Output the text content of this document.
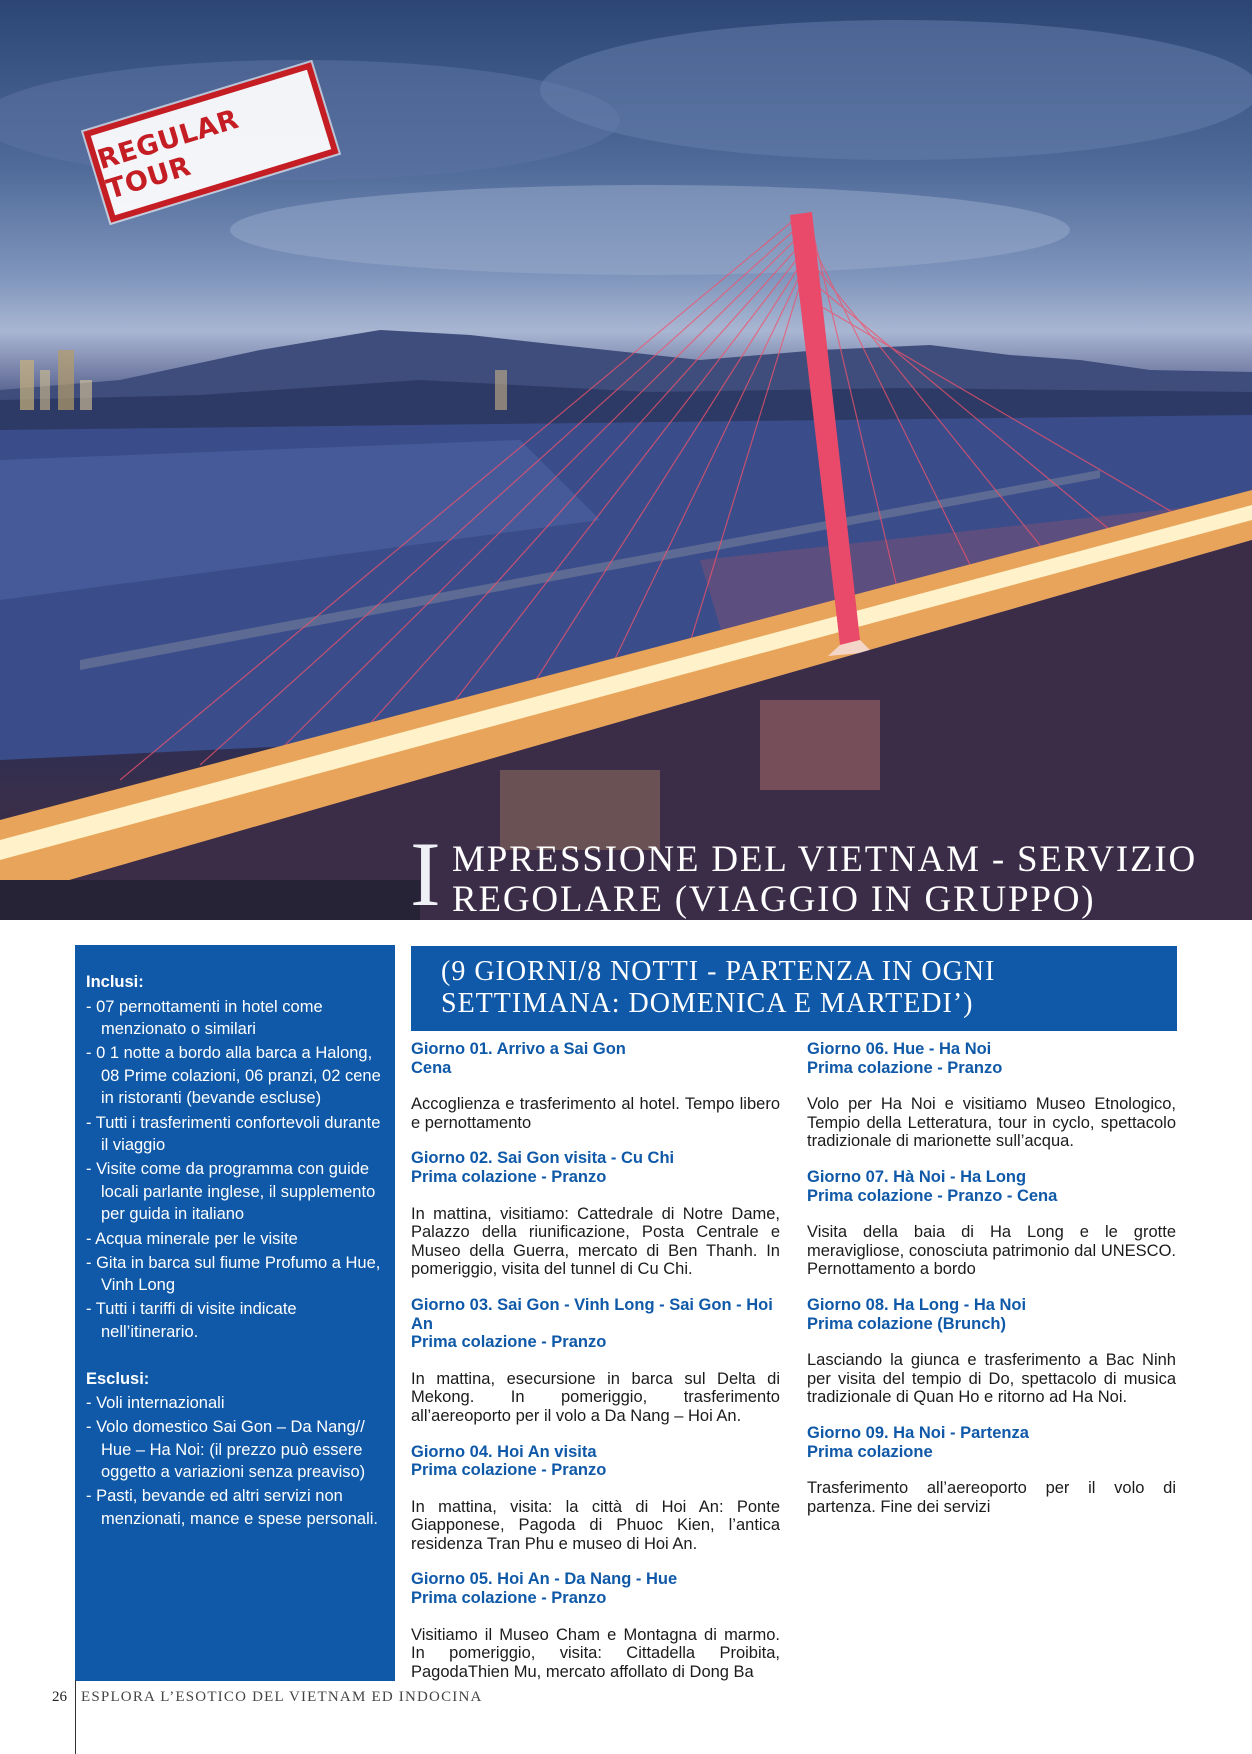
REGULAR TOUR
I MPRESSIONE DEL VIETNAM - SERVIZIO
REGOLARE (VIAGGIO IN GRUPPO)
Inclusi:
- 07 pernottamenti in hotel come menzionato o similari
- 0 1 notte a bordo alla barca a Halong, 08 Prime colazioni, 06 pranzi, 02 cene in ristoranti (bevande escluse)
- Tutti i trasferimenti confortevoli durante il viaggio
- Visite come da programma con guide locali parlante inglese, il supplemento per guida in italiano
- Acqua minerale per le visite
- Gita in barca sul fiume Profumo a Hue, Vinh Long
- Tutti i tariffi di visite indicate nell’itinerario.
Esclusi:
- Voli internazionali
- Volo domestico Sai Gon – Da Nang// Hue – Ha Noi: (il prezzo può essere oggetto a variazioni senza preaviso)
- Pasti, bevande ed altri servizi non menzionati, mance e spese personali.
(9 GIORNI/8 NOTTI - PARTENZA IN OGNI
SETTIMANA: DOMENICA E MARTEDI’)
Giorno 01. Arrivo a Sai Gon
Cena
Accoglienza e trasferimento al hotel. Tempo libero e pernottamento
Giorno 02. Sai Gon visita - Cu Chi
Prima colazione - Pranzo
In mattina, visitiamo: Cattedrale di Notre Dame, Palazzo della riunificazione, Posta Centrale e Museo della Guerra, mercato di Ben Thanh. In pomeriggio, visita del tunnel di Cu Chi.
Giorno 03. Sai Gon - Vinh Long - Sai Gon - Hoi An
Prima colazione - Pranzo
In mattina, esecursione in barca sul Delta di Mekong. In pomeriggio, trasferimento all’aereoporto per il volo a Da Nang – Hoi An.
Giorno 04. Hoi An visita
Prima colazione - Pranzo
In mattina, visita: la città di Hoi An: Ponte Giapponese, Pagoda di Phuoc Kien, l’antica residenza Tran Phu e museo di Hoi An.
Giorno 05. Hoi An - Da Nang - Hue
Prima colazione - Pranzo
Visitiamo il Museo Cham e Montagna di marmo. In pomeriggio, visita: Cittadella Proibita, PagodaThien Mu, mercato affollato di Dong Ba
Giorno 06. Hue - Ha Noi
Prima colazione - Pranzo
Volo per Ha Noi e visitiamo Museo Etnologico, Tempio della Letteratura, tour in cyclo, spettacolo tradizionale di marionette sull’acqua.
Giorno 07. Hà Noi - Ha Long
Prima colazione - Pranzo - Cena
Visita della baia di Ha Long e le grotte meravigliose, conosciuta patrimonio dal UNESCO. Pernottamento a bordo
Giorno 08. Ha Long - Ha Noi
Prima colazione (Brunch)
Lasciando la giunca e trasferimento a Bac Ninh per visita del tempio di Do, spettacolo di musica tradizionale di Quan Ho e ritorno ad Ha Noi.
Giorno 09. Ha Noi - Partenza
Prima colazione
Trasferimento all’aereoporto per il volo di partenza. Fine dei servizi
26 ESPLORA L’ESOTICO DEL VIETNAM ED INDOCINA
